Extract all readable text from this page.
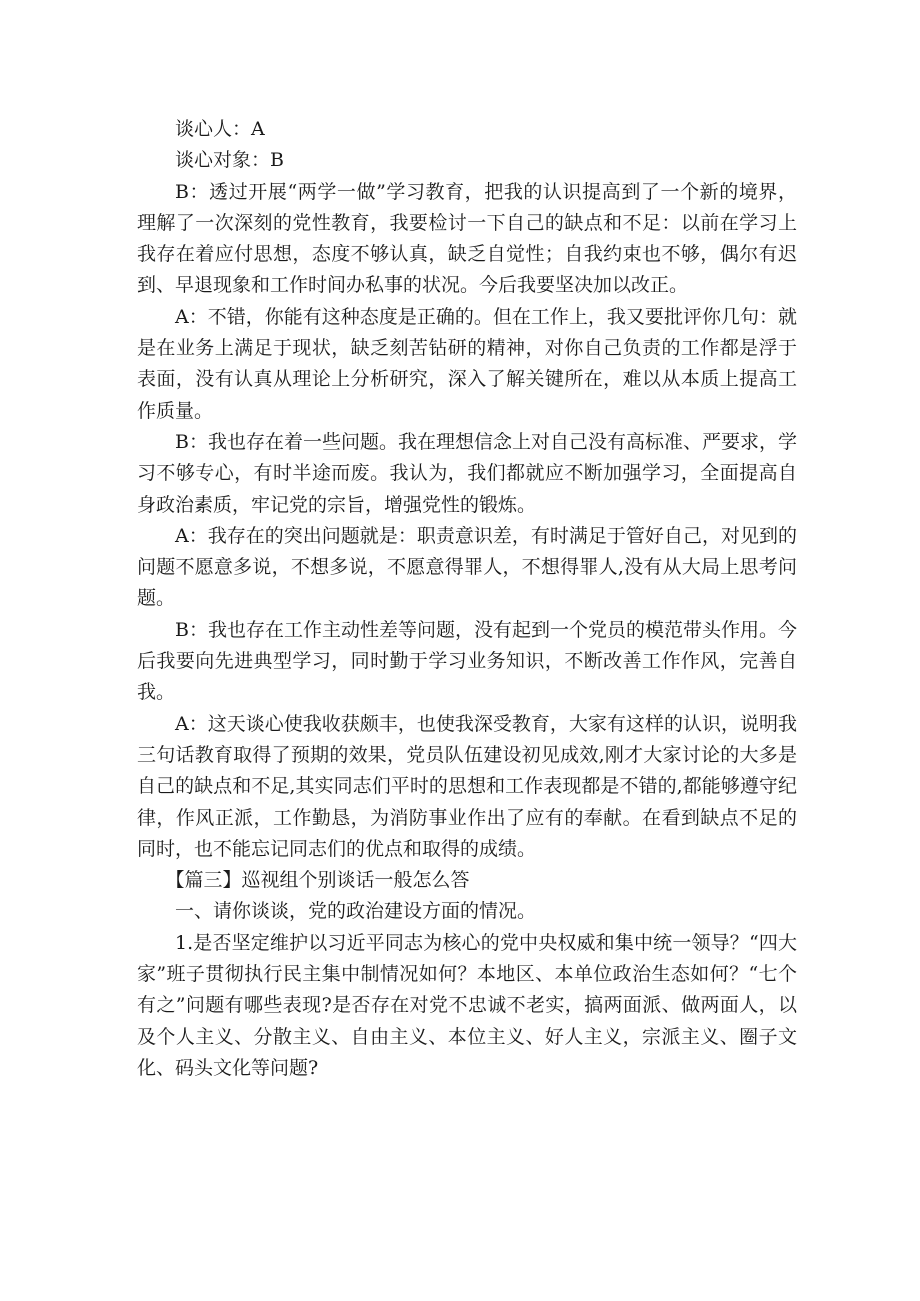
谈心人：A

谈心对象：B

B：透过开展“两学一做”学习教育，把我的认识提高到了一个新的境界，理解了一次深刻的党性教育，我要检讨一下自己的缺点和不足：以前在学习上我存在着应付思想，态度不够认真，缺乏自觉性；自我约束也不够，偶尔有迟到、早退现象和工作时间办私事的状况。今后我要坚决加以改正。

A：不错，你能有这种态度是正确的。但在工作上，我又要批评你几句：就是在业务上满足于现状，缺乏刻苦钻研的精神，对你自己负责的工作都是浮于表面，没有认真从理论上分析研究，深入了解关键所在，难以从本质上提高工作质量。

B：我也存在着一些问题。我在理想信念上对自己没有高标准、严要求，学习不够专心，有时半途而废。我认为，我们都就应不断加强学习，全面提高自身政治素质，牢记党的宗旨，增强党性的锻炼。

A：我存在的突出问题就是：职责意识差，有时满足于管好自己，对见到的问题不愿意多说，不想多说，不愿意得罪人，不想得罪人,没有从大局上思考问题。

B：我也存在工作主动性差等问题，没有起到一个党员的模范带头作用。今后我要向先进典型学习，同时勤于学习业务知识，不断改善工作作风，完善自我。

A：这天谈心使我收获颇丰，也使我深受教育，大家有这样的认识，说明我三句话教育取得了预期的效果，党员队伍建设初见成效,刚才大家讨论的大多是自己的缺点和不足,其实同志们平时的思想和工作表现都是不错的,都能够遵守纪律，作风正派，工作勤恳，为消防事业作出了应有的奉献。在看到缺点不足的同时，也不能忘记同志们的优点和取得的成绩。

【篇三】巡视组个别谈话一般怎么答

一、请你谈谈，党的政治建设方面的情况。

1.是否坚定维护以习近平同志为核心的党中央权威和集中统一领导？“四大家”班子贯彻执行民主集中制情况如何？本地区、本单位政治生态如何？“七个有之”问题有哪些表现?是否存在对党不忠诚不老实，搞两面派、做两面人，以及个人主义、分散主义、自由主义、本位主义、好人主义，宗派主义、圈子文化、码头文化等问题?
